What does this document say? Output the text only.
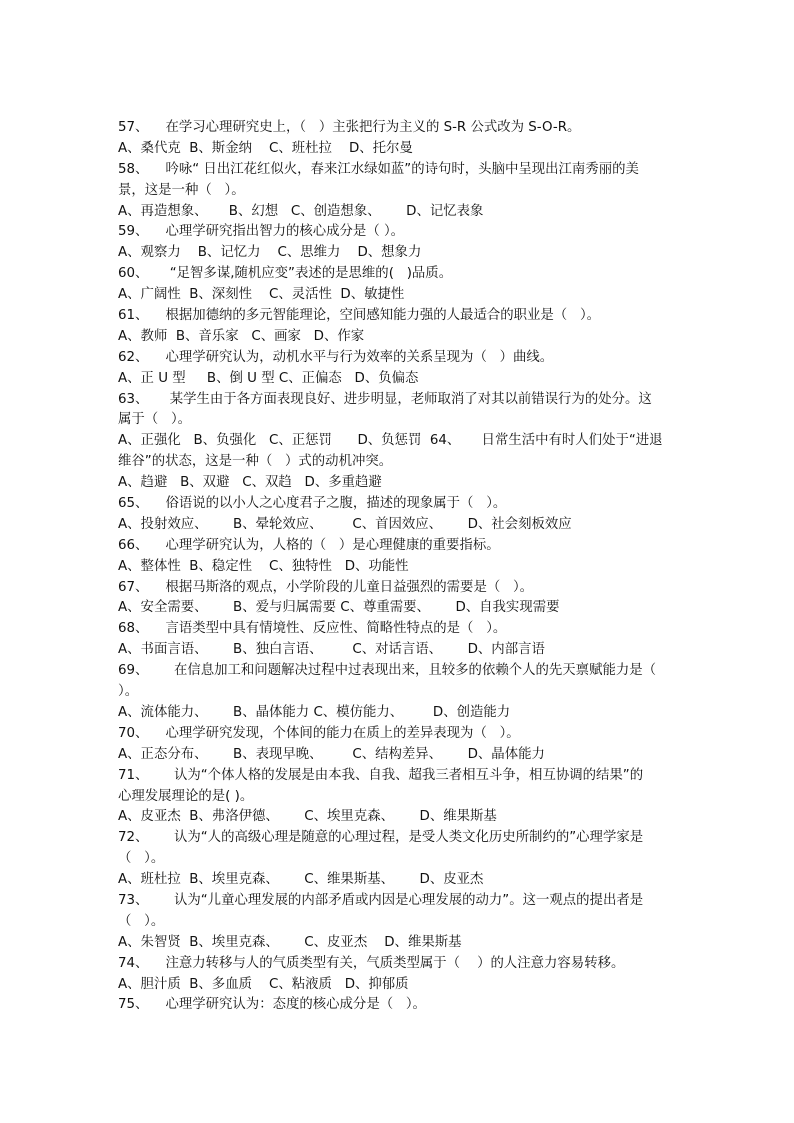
57、    在学习心理研究史上，（   ）主张把行为主义的 S-R 公式改为 S-O-R。
A、桑代克  B、斯金纳    C、班杜拉    D、托尔曼
58、    吟咏“ 日出江花红似火，春来江水绿如蓝”的诗句时，头脑中呈现出江南秀丽的美
景，这是一种（   ）。
A、再造想象、     B、幻想   C、创造想象、      D、记忆表象
59、    心理学研究指出智力的核心成分是（ ）。
A、观察力    B、记忆力    C、思维力    D、想象力
60、     “足智多谋,随机应变”表述的是思维的(   )品质。
A、广阔性  B、深刻性    C、灵活性  D、敏捷性
61、    根据加德纳的多元智能理论，空间感知能力强的人最适合的职业是（   ）。
A、教师  B、音乐家   C、画家   D、作家
62、    心理学研究认为，动机水平与行为效率的关系呈现为（   ）曲线。
A、正 U 型     B、倒 U 型 C、正偏态   D、负偏态
63、     某学生由于各方面表现良好、进步明显，老师取消了对其以前错误行为的处分。这
属于（   ）。
A、正强化   B、负强化   C、正惩罚      D、负惩罚  64、     日常生活中有时人们处于“进退
维谷”的状态，这是一种（   ）式的动机冲突。
A、趋避   B、双避   C、双趋   D、多重趋避
65、    俗语说的以小人之心度君子之腹，描述的现象属于（   ）。
A、投射效应、      B、晕轮效应、       C、首因效应、      D、社会刻板效应
66、    心理学研究认为，人格的（   ）是心理健康的重要指标。
A、整体性  B、稳定性    C、独特性   D、功能性
67、    根据马斯洛的观点，小学阶段的儿童日益强烈的需要是（   ）。
A、安全需要、      B、爱与归属需要 C、尊重需要、      D、自我实现需要
68、    言语类型中具有情境性、反应性、简略性特点的是（   ）。
A、书面言语、      B、独白言语、       C、对话言语、      D、内部言语
69、      在信息加工和问题解决过程中过表现出来，且较多的依赖个人的先天禀赋能力是（
）。
A、流体能力、      B、晶体能力 C、模仿能力、       D、创造能力
70、    心理学研究发现，个体间的能力在质上的差异表现为（   ）。
A、正态分布、      B、表现早晚、       C、结构差异、      D、晶体能力
71、      认为“个体人格的发展是由本我、自我、超我三者相互斗争，相互协调的结果”的
心理发展理论的是( )。
A、皮亚杰  B、弗洛伊德、      C、埃里克森、      D、维果斯基
72、      认为“人的高级心理是随意的心理过程，是受人类文化历史所制约的”心理学家是
（   ）。
A、班杜拉  B、埃里克森、      C、维果斯基、      D、皮亚杰
73、      认为“儿童心理发展的内部矛盾或内因是心理发展的动力”。这一观点的提出者是
（   ）。
A、朱智贤  B、埃里克森、      C、皮亚杰    D、维果斯基
74、    注意力转移与人的气质类型有关，气质类型属于（    ）的人注意力容易转移。
A、胆汁质  B、多血质    C、粘液质   D、抑郁质
75、    心理学研究认为：态度的核心成分是（   ）。
